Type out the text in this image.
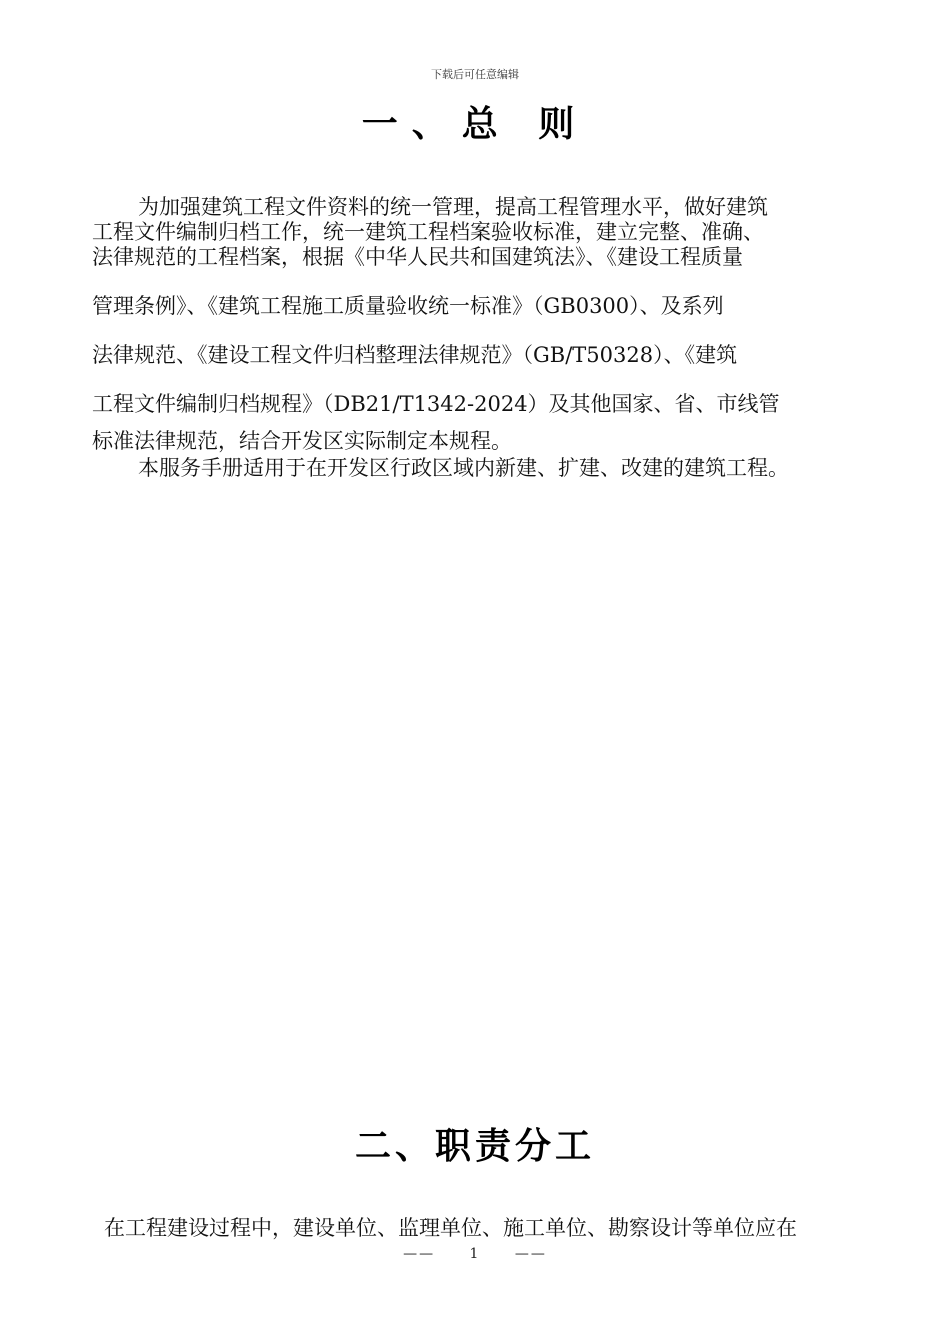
下载后可任意编辑
一、总 则
为加强建筑工程文件资料的统一管理，提高工程管理水平，做好建筑
工程文件编制归档工作，统一建筑工程档案验收标准，建立完整、准确、
法律规范的工程档案，根据《中华人民共和国建筑法》、《建设工程质量
管理条例》、《建筑工程施工质量验收统一标准》（GB0300）、及系列
法律规范、《建设工程文件归档整理法律规范》（GB/T50328）、《建筑
工程文件编制归档规程》（DB21/T1342-2024）及其他国家、省、市线管
标准法律规范，结合开发区实际制定本规程。
本服务手册适用于在开发区行政区域内新建、扩建、改建的建筑工程。
二、职责分工
在工程建设过程中，建设单位、监理单位、施工单位、勘察设计等单位应在
—— 1 ——
